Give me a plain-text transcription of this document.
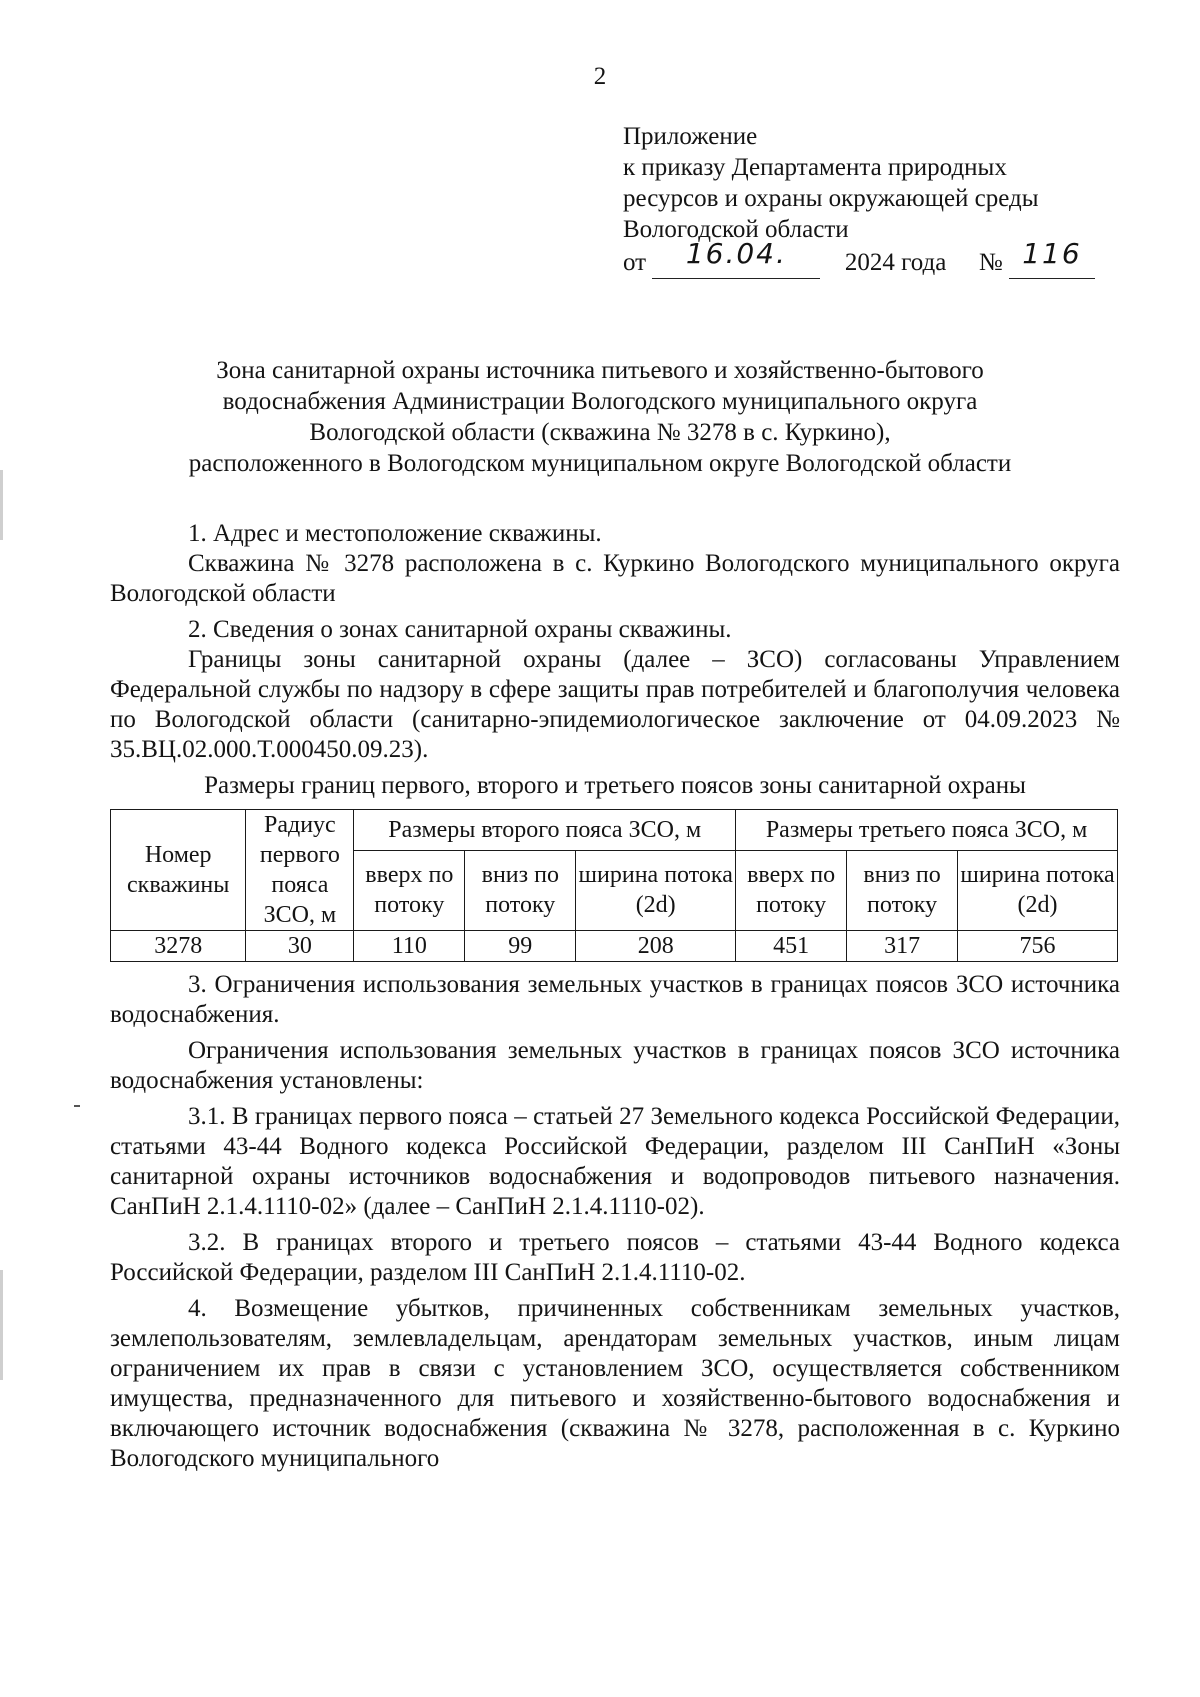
2
Приложение
к приказу Департамента природных
ресурсов и охраны окружающей среды
Вологодской области
от 16.04. 2024 года № 116
Зона санитарной охраны источника питьевого и хозяйственно-бытового
водоснабжения Администрации Вологодского муниципального округа
Вологодской области (скважина № 3278 в с. Куркино),
расположенного в Вологодском муниципальном округе Вологодской области

1. Адрес и местоположение скважины.

Скважина № 3278 расположена в с. Куркино Вологодского муниципального округа Вологодской области

2. Сведения о зонах санитарной охраны скважины.

Границы зоны санитарной охраны (далее – ЗСО) согласованы Управлением Федеральной службы по надзору в сфере защиты прав потребителей и благополучия человека по Вологодской области (санитарно-эпидемиологическое заключение от 04.09.2023 № 35.ВЦ.02.000.Т.000450.09.23).

Размеры границ первого, второго и третьего поясов зоны санитарной охраны

Номер скважины	Радиус первого пояса ЗСО, м	Размеры второго пояса ЗСО, м			Размеры третьего пояса ЗСО, м		
		вверх по потоку	вниз по потоку	ширина потока (2d)	вверх по потоку	вниз по потоку	ширина потока (2d)
3278	30	110	99	208	451	317	756

3. Ограничения использования земельных участков в границах поясов ЗСО источника водоснабжения.

Ограничения использования земельных участков в границах поясов ЗСО источника водоснабжения установлены:

3.1. В границах первого пояса – статьей 27 Земельного кодекса Российской Федерации, статьями 43-44 Водного кодекса Российской Федерации, разделом III СанПиН «Зоны санитарной охраны источников водоснабжения и водопроводов питьевого назначения. СанПиН 2.1.4.1110-02» (далее – СанПиН 2.1.4.1110-02).

3.2. В границах второго и третьего поясов – статьями 43-44 Водного кодекса Российской Федерации, разделом III СанПиН 2.1.4.1110-02.

4. Возмещение убытков, причиненных собственникам земельных участков, землепользователям, землевладельцам, арендаторам земельных участков, иным лицам ограничением их прав в связи с установлением ЗСО, осуществляется собственником имущества, предназначенного для питьевого и хозяйственно-бытового водоснабжения и включающего источник водоснабжения (скважина № 3278, расположенная в с. Куркино Вологодского муниципального
